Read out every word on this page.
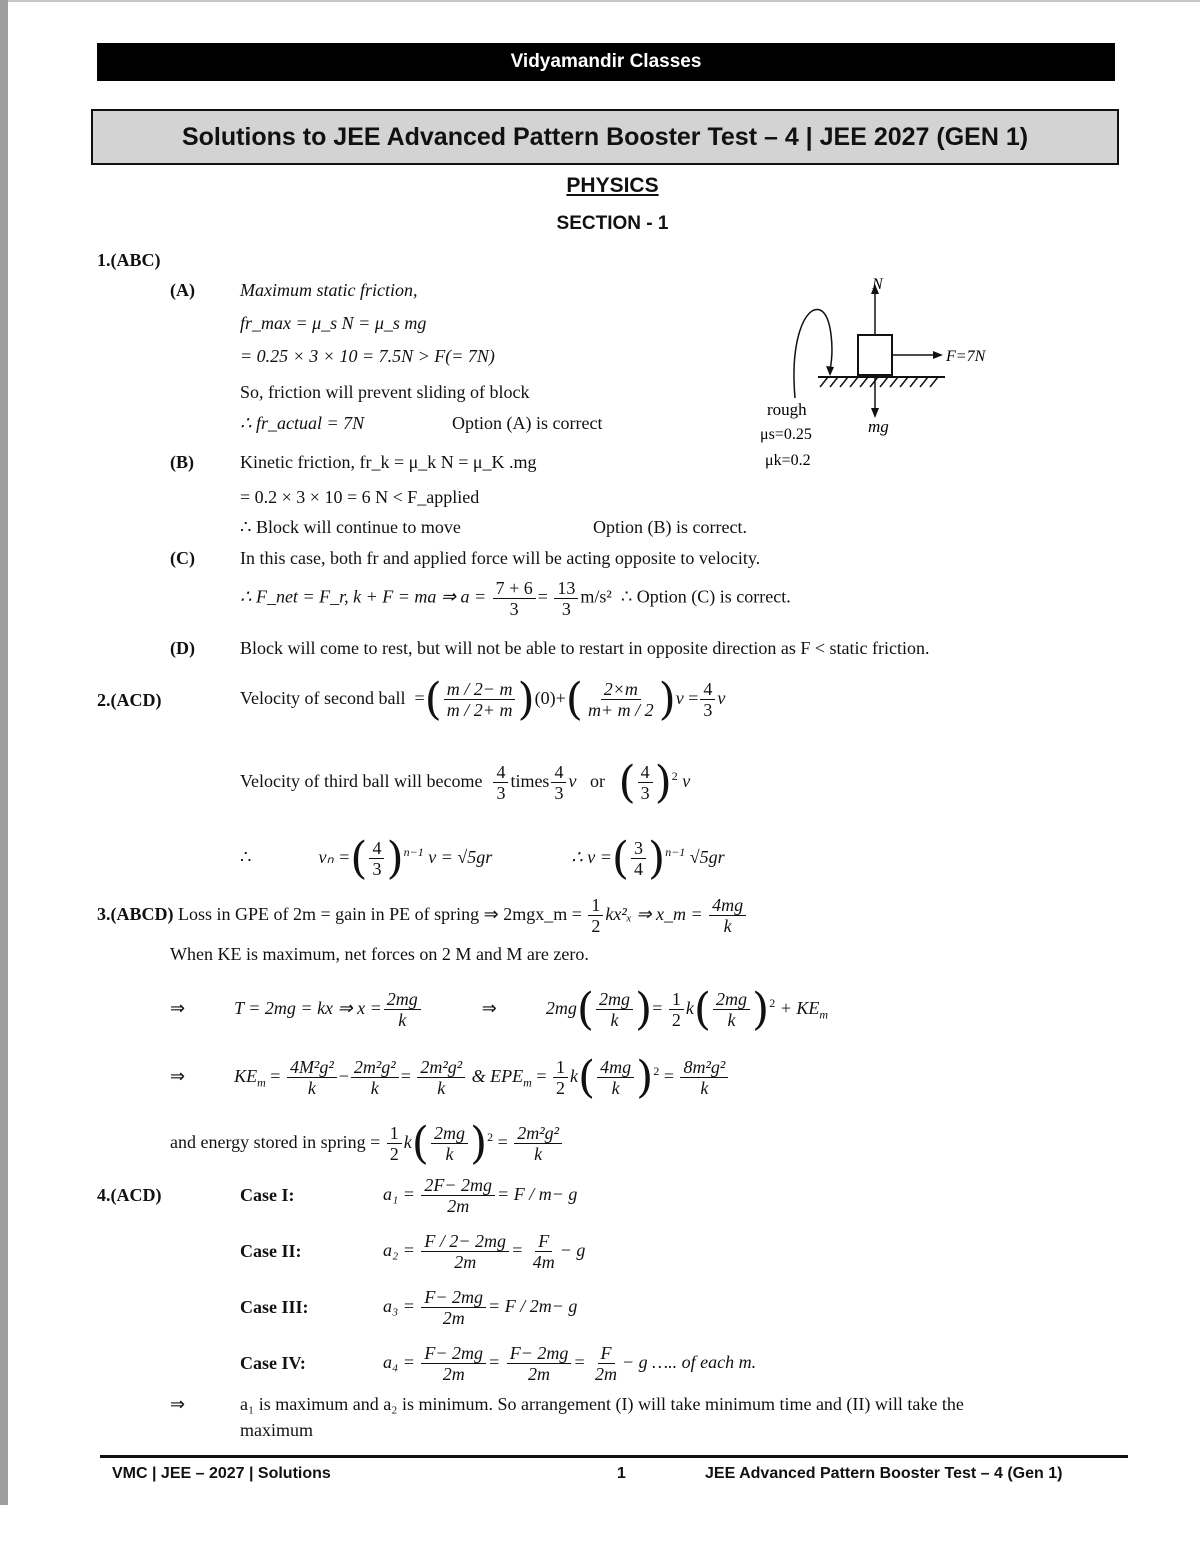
Vidyamandir Classes
Solutions to JEE Advanced Pattern Booster Test – 4 | JEE 2027 (GEN 1)
PHYSICS
SECTION - 1
1.(ABC)
(A)	Maximum static friction,
fr_max = μ_s N = μ_s mg
= 0.25 × 3 × 10 = 7.5N > F(= 7N)
So, friction will prevent sliding of block
∴ fr_actual = 7N	Option (A) is correct
(B)	Kinetic friction, fr_k = μ_k N = μ_K .mg
= 0.2 × 3 × 10 = 6 N < F_applied
∴ Block will continue to move	Option (B) is correct.
(C)	In this case, both fr and applied force will be acting opposite to velocity.
∴ F_net = F_r, k + F = ma ⇒ $a = \frac{7 + 6}{3} = \frac{13}{3} m/s^2$ ∴ Option (C) is correct.
(D)	Block will come to rest, but will not be able to restart in opposite direction as F < static friction.
N
F=7N
mg
rough
μs=0.25
μk=0.2
2.(ACD)	Velocity of second ball  =( $\frac{m / 2- m}{m / 2+ m} )(0)+( \frac{2\times m}{m+ m / 2} )v = \frac{4}{3}$ v
Velocity of third ball will become $\frac{4}{3}$ times $\frac{4}{3}$ v or ( $\frac{4}{3} )^2$ v
∴	vₙ =( $\frac{4}{3} )^{n-1}$ v = √5gr	∴ v =( $\frac{3}{4} )^{n-1}$ √5gr
3.(ABCD) Loss in GPE of 2m = gain in PE of spring ⇒ 2mgx_m = $\frac{1}{2} kx^2_x$ ⇒ x_m = $\frac{4mg}{k}$
When KE is maximum, net forces on 2 M and M are zero.
⇒	T = 2mg = kx ⇒ $x = \frac{2mg}{k}$	⇒	$2mg( \frac{2mg}{k}$ )= $\frac{1}{2} k( \frac{2mg}{k} )^2 + KE_m$
⇒	$KE_m = \frac{\text{4M²g²}}{k} - \frac{\text{2m²g²}}{k} = \frac{\text{2m²g²}}{k}$ & $EPE_m = \frac{1}{2} k( \frac{4mg}{k} )^2 = \frac{\text{8m²g²}}{k}$
and energy stored in spring = $\frac{1}{2} k( \frac{2mg}{k} )^2 = \frac{\text{2m²g²}}{k}$
4.(ACD)	Case I:	$a_1 = \frac{2F- 2mg}{2m} = F / m- g$
Case II:	$a_2 = \frac{F / 2- 2mg}{2m} = \frac{F}{4m} - g$
Case III:	$a_3 = \frac{F- 2mg}{2m} = F / 2m- g$
Case IV:	$a_4 = \frac{F- 2mg}{2m} = \frac{F- 2mg}{2m} = \frac{F}{2m} - g$ ….. of each m.
⇒	a₁ is maximum and a₂ is minimum. So arrangement (I) will take minimum time and (II) will take the
maximum
VMC | JEE – 2027 | Solutions	1	JEE Advanced Pattern Booster Test – 4 (Gen 1)
